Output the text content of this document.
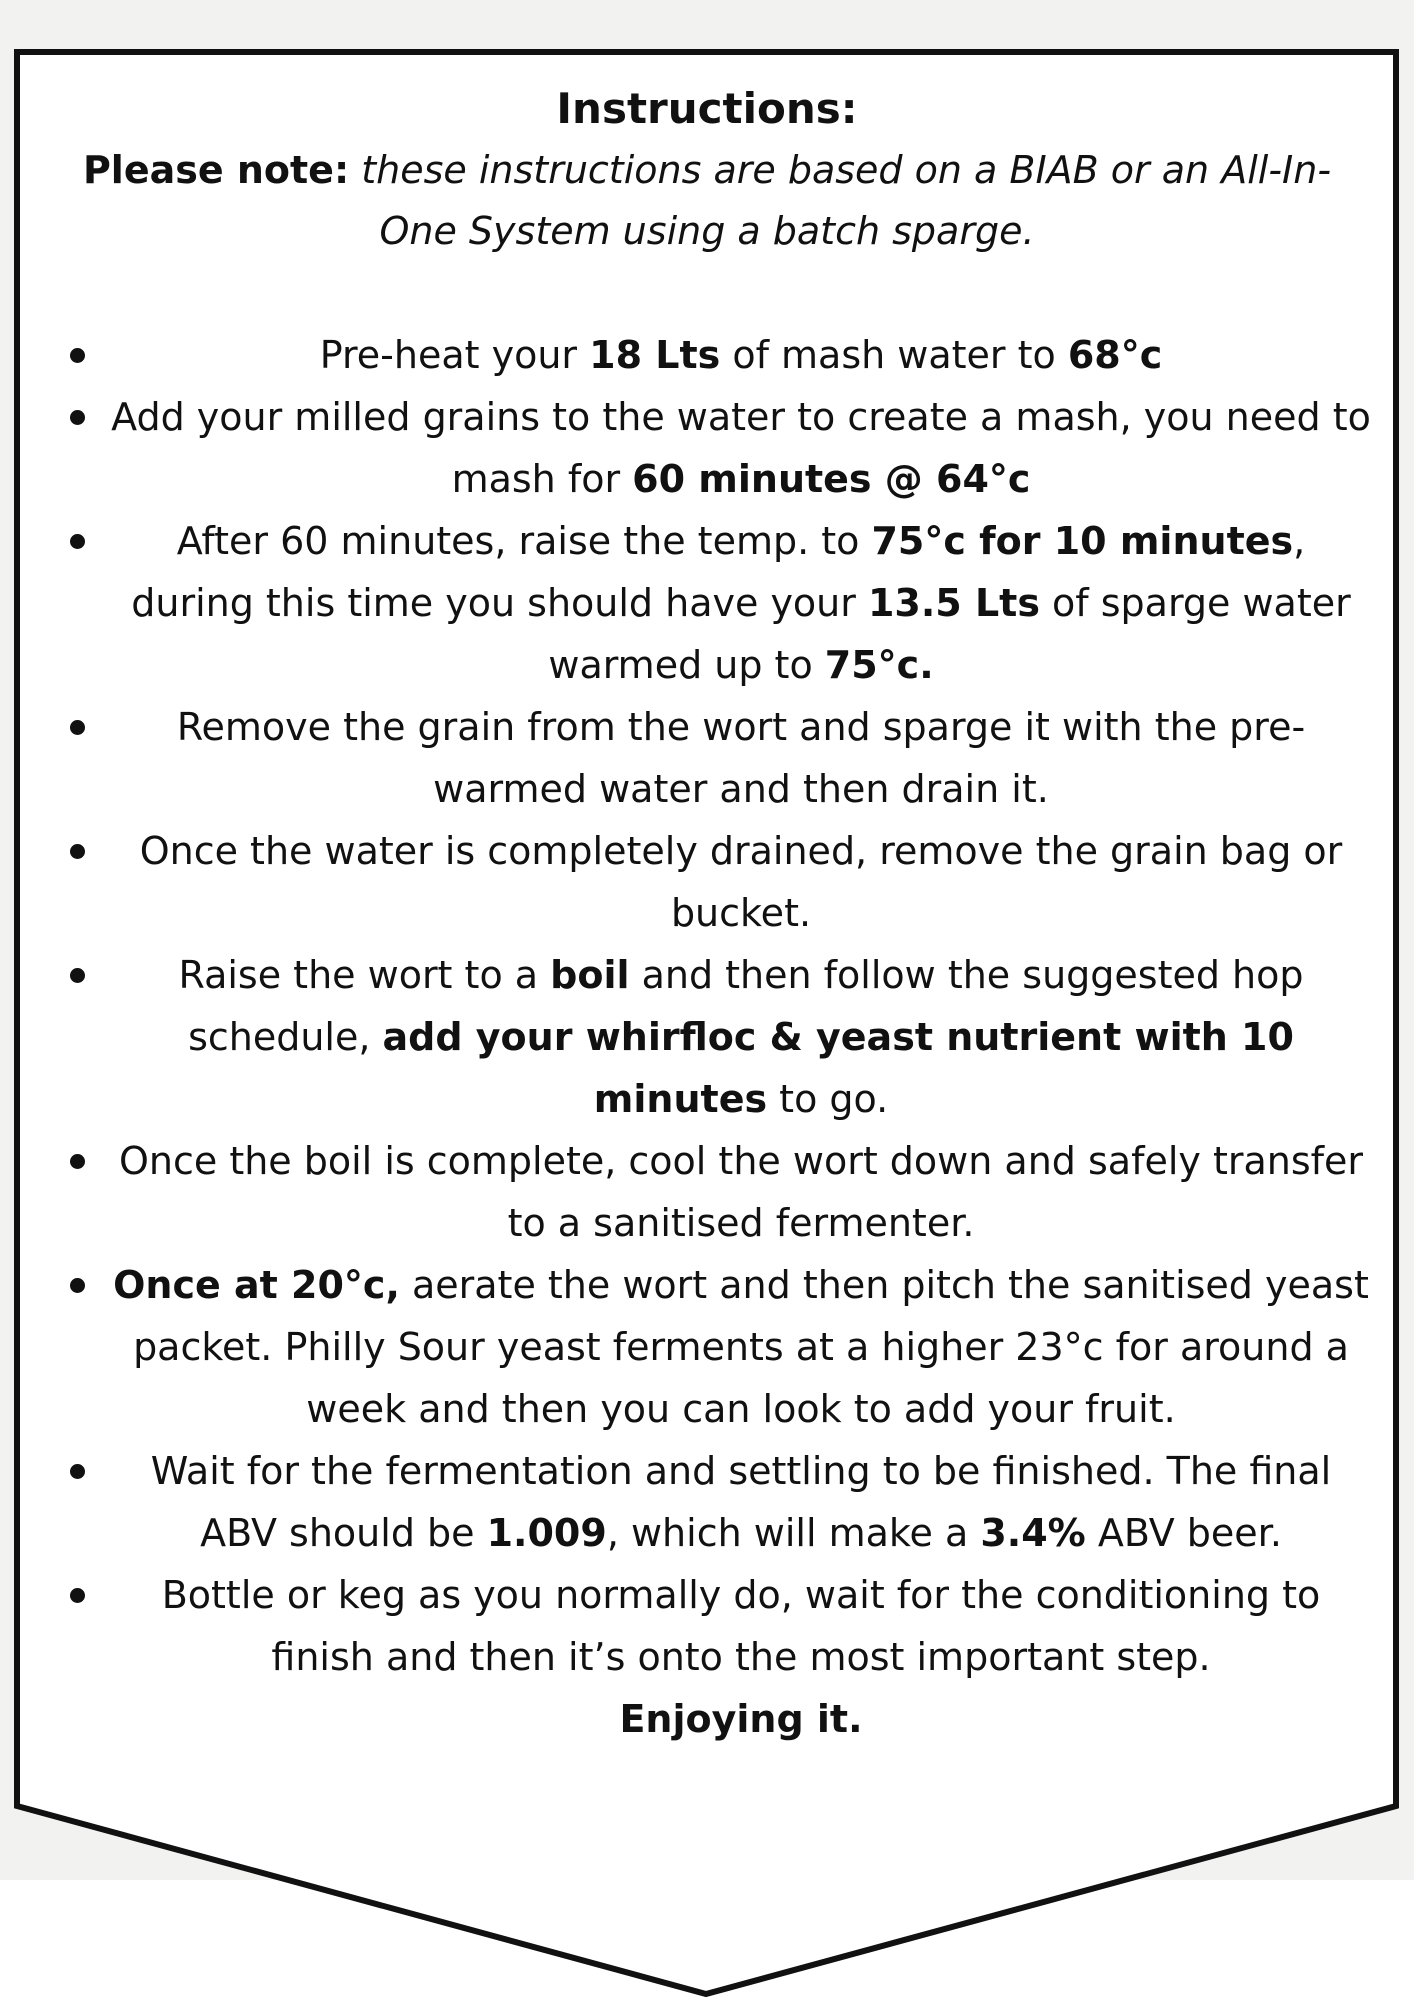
Instructions:

Please note: these instructions are based on a BIAB or an All-In-One System using a batch sparge.

Pre-heat your 18 Lts of mash water to 68°c
Add your milled grains to the water to create a mash, you need to mash for 60 minutes @ 64°c
After 60 minutes, raise the temp. to 75°c for 10 minutes, during this time you should have your 13.5 Lts of sparge water warmed up to 75°c.
Remove the grain from the wort and sparge it with the pre-warmed water and then drain it.
Once the water is completely drained, remove the grain bag or bucket.
Raise the wort to a boil and then follow the suggested hop schedule, add your whirfloc & yeast nutrient with 10 minutes to go.
Once the boil is complete, cool the wort down and safely transfer to a sanitised fermenter.
Once at 20°c, aerate the wort and then pitch the sanitised yeast packet. Philly Sour yeast ferments at a higher 23°c for around a week and then you can look to add your fruit.
Wait for the fermentation and settling to be finished. The final ABV should be 1.009, which will make a 3.4% ABV beer.
Bottle or keg as you normally do, wait for the conditioning to finish and then it’s onto the most important step.
Enjoying it.
